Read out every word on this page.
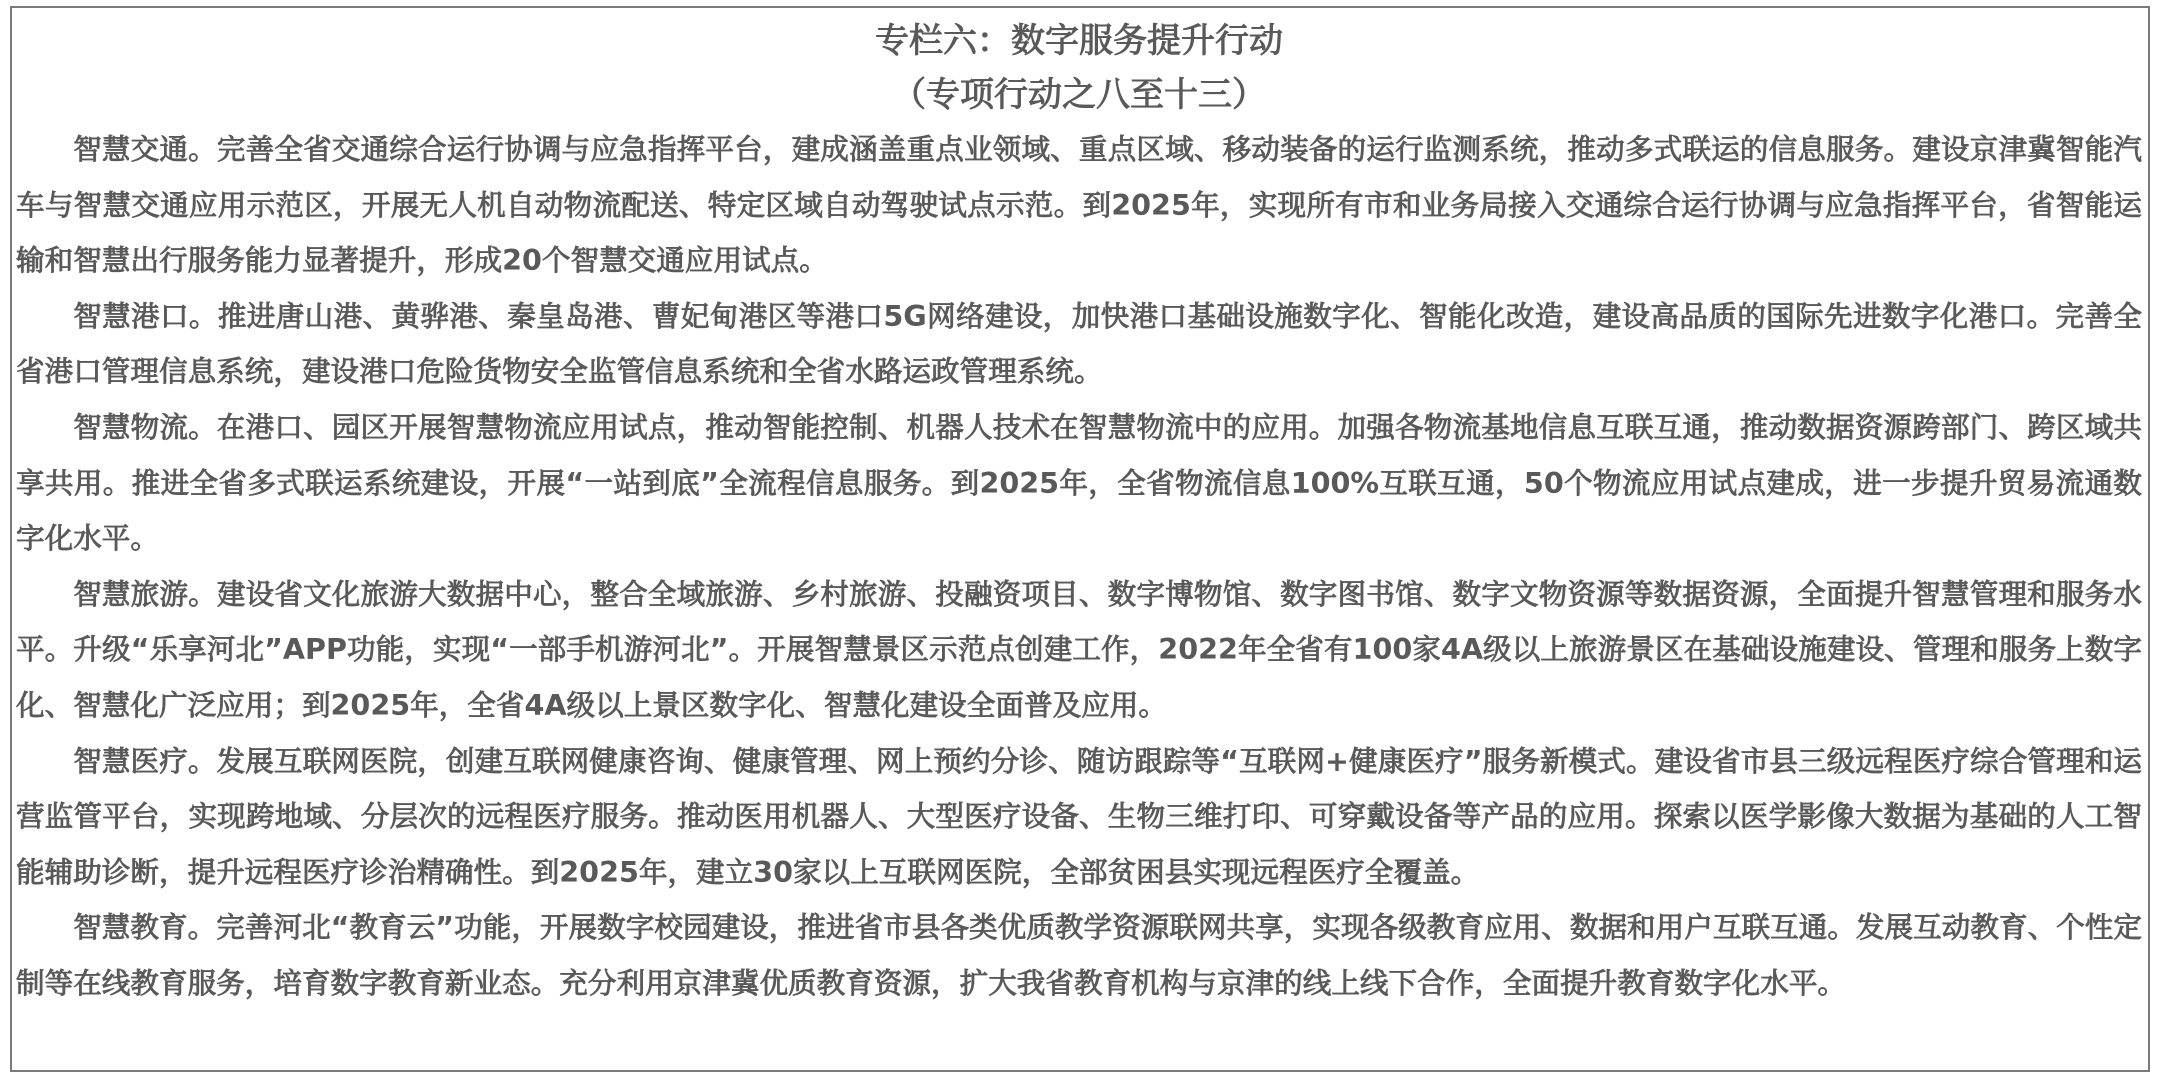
专栏六：数字服务提升行动

（专项行动之八至十三）

智慧交通。完善全省交通综合运行协调与应急指挥平台，建成涵盖重点业领域、重点区域、移动装备的运行监测系统，推动多式联运的信息服务。建设京津冀智能汽车与智慧交通应用示范区，开展无人机自动物流配送、特定区域自动驾驶试点示范。到2025年，实现所有市和业务局接入交通综合运行协调与应急指挥平台，省智能运输和智慧出行服务能力显著提升，形成20个智慧交通应用试点。

智慧港口。推进唐山港、黄骅港、秦皇岛港、曹妃甸港区等港口5G网络建设，加快港口基础设施数字化、智能化改造，建设高品质的国际先进数字化港口。完善全省港口管理信息系统，建设港口危险货物安全监管信息系统和全省水路运政管理系统。

智慧物流。在港口、园区开展智慧物流应用试点，推动智能控制、机器人技术在智慧物流中的应用。加强各物流基地信息互联互通，推动数据资源跨部门、跨区域共享共用。推进全省多式联运系统建设，开展“一站到底”全流程信息服务。到2025年，全省物流信息100%互联互通，50个物流应用试点建成，进一步提升贸易流通数字化水平。

智慧旅游。建设省文化旅游大数据中心，整合全域旅游、乡村旅游、投融资项目、数字博物馆、数字图书馆、数字文物资源等数据资源，全面提升智慧管理和服务水平。升级“乐享河北”APP功能，实现“一部手机游河北”。开展智慧景区示范点创建工作，2022年全省有100家4A级以上旅游景区在基础设施建设、管理和服务上数字化、智慧化广泛应用；到2025年，全省4A级以上景区数字化、智慧化建设全面普及应用。

智慧医疗。发展互联网医院，创建互联网健康咨询、健康管理、网上预约分诊、随访跟踪等“互联网+健康医疗”服务新模式。建设省市县三级远程医疗综合管理和运营监管平台，实现跨地域、分层次的远程医疗服务。推动医用机器人、大型医疗设备、生物三维打印、可穿戴设备等产品的应用。探索以医学影像大数据为基础的人工智能辅助诊断，提升远程医疗诊治精确性。到2025年，建立30家以上互联网医院，全部贫困县实现远程医疗全覆盖。

智慧教育。完善河北“教育云”功能，开展数字校园建设，推进省市县各类优质教学资源联网共享，实现各级教育应用、数据和用户互联互通。发展互动教育、个性定制等在线教育服务，培育数字教育新业态。充分利用京津冀优质教育资源，扩大我省教育机构与京津的线上线下合作，全面提升教育数字化水平。
